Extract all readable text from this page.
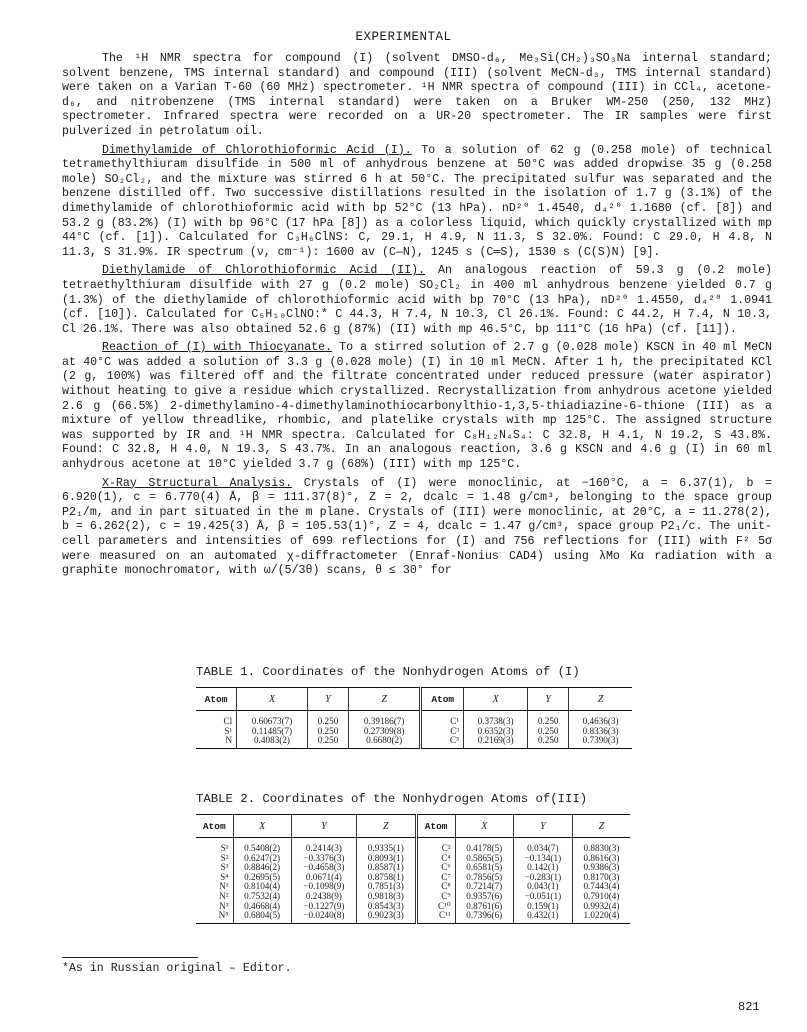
EXPERIMENTAL

The ¹H NMR spectra for compound (I) (solvent DMSO-d₆, Me₃Si(CH₂)₃SO₃Na internal standard; solvent benzene, TMS internal standard) and compound (III) (solvent MeCN-d₃, TMS internal standard) were taken on a Varian T-60 (60 MHz) spectrometer. ¹H NMR spectra of compound (III) in CCl₄, acetone-d₆, and nitrobenzene (TMS internal standard) were taken on a Bruker WM-250 (250, 132 MHz) spectrometer. Infrared spectra were recorded on a UR-20 spectrometer. The IR samples were first pulverized in petrolatum oil.

Dimethylamide of Chlorothioformic Acid (I). To a solution of 62 g (0.258 mole) of technical tetramethylthiuram disulfide in 500 ml of anhydrous benzene at 50°C was added dropwise 35 g (0.258 mole) SO₂Cl₂, and the mixture was stirred 6 h at 50°C. The precipitated sulfur was separated and the benzene distilled off. Two successive distillations resulted in the isolation of 1.7 g (3.1%) of the dimethylamide of chlorothioformic acid with bp 52°C (13 hPa). nD²⁰ 1.4540, d₄²⁰ 1.1680 (cf. [8]) and 53.2 g (83.2%) (I) with bp 96°C (17 hPa [8]) as a colorless liquid, which quickly crystallized with mp 44°C (cf. [1]). Calculated for C₃H₆ClNS: C, 29.1, H 4.9, N 11.3, S 32.0%. Found: C 29.0, H 4.8, N 11.3, S 31.9%. IR spectrum (ν, cm⁻¹): 1600 av (C—N), 1245 s (C═S), 1530 s (C(S)N) [9].

Diethylamide of Chlorothioformic Acid (II). An analogous reaction of 59.3 g (0.2 mole) tetraethylthiuram disulfide with 27 g (0.2 mole) SO₂Cl₂ in 400 ml anhydrous benzene yielded 0.7 g (1.3%) of the diethylamide of chlorothioformic acid with bp 70°C (13 hPa), nD²⁰ 1.4550, d₄²⁰ 1.0941 (cf. [10]). Calculated for C₅H₁₀ClNO:* C 44.3, H 7.4, N 10.3, Cl 26.1%. Found: C 44.2, H 7.4, N 10.3, Cl 26.1%. There was also obtained 52.6 g (87%) (II) with mp 46.5°C, bp 111°C (16 hPa) (cf. [11]).

Reaction of (I) with Thiocyanate. To a stirred solution of 2.7 g (0.028 mole) KSCN in 40 ml MeCN at 40°C was added a solution of 3.3 g (0.028 mole) (I) in 10 ml MeCN. After 1 h, the precipitated KCl (2 g, 100%) was filtered off and the filtrate concentrated under reduced pressure (water aspirator) without heating to give a residue which crystallized. Recrystallization from anhydrous acetone yielded 2.6 g (66.5%) 2-dimethylamino-4-dimethylaminothiocarbonylthio-1,3,5-thiadiazine-6-thione (III) as a mixture of yellow threadlike, rhombic, and platelike crystals with mp 125°C. The assigned structure was supported by IR and ¹H NMR spectra. Calculated for C₈H₁₂N₄S₄: C 32.8, H 4.1, N 19.2, S 43.8%. Found: C 32.8, H 4.0, N 19.3, S 43.7%. In an analogous reaction, 3.6 g KSCN and 4.6 g (I) in 60 ml anhydrous acetone at 10°C yielded 3.7 g (68%) (III) with mp 125°C.

X-Ray Structural Analysis. Crystals of (I) were monoclinic, at −160°C, a = 6.37(1), b = 6.920(1), c = 6.770(4) Å, β = 111.37(8)°, Z = 2, dcalc = 1.48 g/cm³, belonging to the space group P2₁/m, and in part situated in the m plane. Crystals of (III) were monoclinic, at 20°C, a = 11.278(2), b = 6.262(2), c = 19.425(3) Å, β = 105.53(1)°, Z = 4, dcalc = 1.47 g/cm³, space group P2₁/c. The unit-cell parameters and intensities of 699 reflections for (I) and 756 reflections for (III) with F² 5σ were measured on an automated χ-diffractometer (Enraf-Nonius CAD4) using λMo Kα radiation with a graphite monochromator, with ω/(5/3θ) scans, θ ≤ 30° for

TABLE 1. Coordinates of the Nonhydrogen Atoms of (I)
Atom	X	Y	Z	Atom	X	Y	Z
Cl	0.60673(7)	0.250	0.39186(7)	C¹	0.3738(3)	0.250	0.4636(3)
S¹	0.11485(7)	0.250	0.27309(8)	C³	0.6352(3)	0.250	0.8336(3)
N	0.4083(2)	0.250	0.6680(2)	C⁵	0.2169(3)	0.250	0.7390(3)
TABLE 2. Coordinates of the Nonhydrogen Atoms of(III)
Atom	X	Y	Z	Atom	X	Y	Z
S¹	0.5408(2)	0.2414(3)	0.9335(1)	C²	0.4178(5)	0.034(7)	0.8830(3)
S²	0.6247(2)	−0.3376(3)	0.8093(1)	C⁴	0.5865(5)	−0.134(1)	0.8616(3)
S³	0.8846(2)	−0.4658(3)	0.8587(1)	C⁶	0.6581(5)	0.142(1)	0.9386(3)
S⁴	0.2695(5)	0.0671(4)	0.8758(1)	C⁷	0.7856(5)	−0.283(1)	0.8170(3)
N¹	0.8104(4)	−0.1098(9)	0.7851(3)	C⁸	0.7214(7)	0.043(1)	0.7443(4)
N²	0.7532(4)	0.2438(9)	0.9818(3)	C⁹	0.9357(6)	−0.051(1)	0.7910(4)
N³	0.4668(4)	−0.1227(9)	0.8543(3)	C¹⁰	0.8761(6)	0.159(1)	0.9932(4)
N⁵	0.6804(5)	−0.0240(8)	0.9023(3)	C¹¹	0.7396(6)	0.432(1)	1.0220(4)
*As in Russian original – Editor.
821
